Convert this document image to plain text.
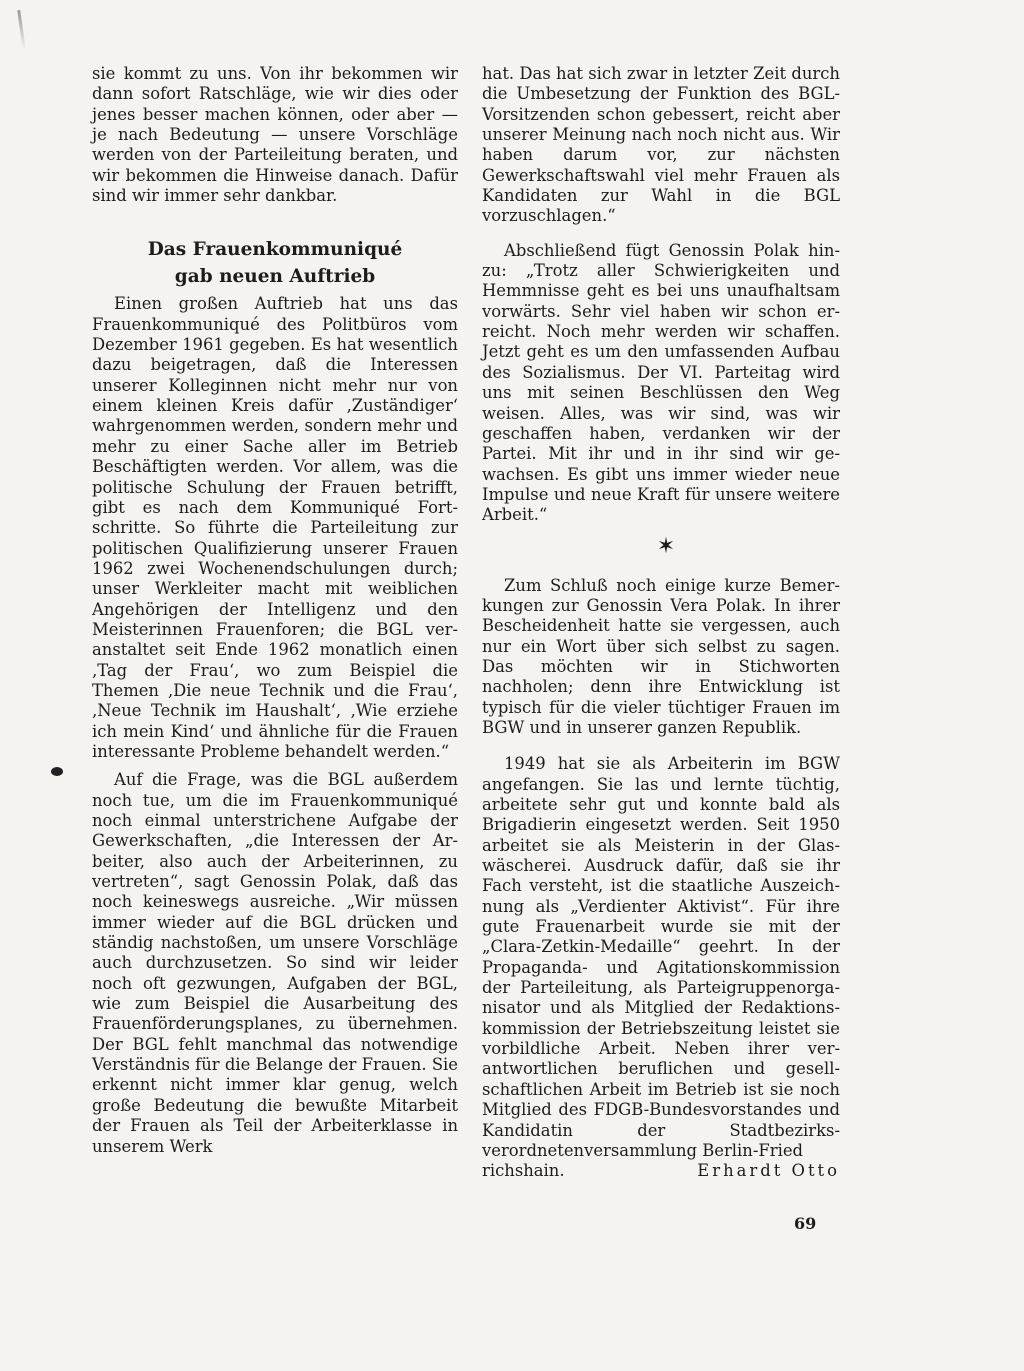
sie kommt zu uns. Von ihr bekommen wir dann sofort Ratschläge, wie wir dies oder jenes besser machen können, oder aber — je nach Bedeutung — unsere Vorschläge werden von der Parteileitung beraten, und wir bekommen die Hinweise danach. Dafür sind wir immer sehr dankbar.

Das Frauenkommuniqué
gab neuen Auftrieb

Einen großen Auftrieb hat uns das Frauenkommuniqué des Politbüros vom Dezember 1961 gegeben. Es hat wesentlich dazu beigetragen, daß die Interessen unserer Kolleginnen nicht mehr nur von einem kleinen Kreis dafür ‚Zuständiger‘ wahrgenommen werden, sondern mehr und mehr zu einer Sache aller im Betrieb Beschäftigten werden. Vor allem, was die politische Schulung der Frauen betrifft, gibt es nach dem Kommuniqué Fortschritte. So führte die Parteileitung zur politischen Qualifizierung unserer Frauen 1962 zwei Wochenendschulungen durch; unser Werkleiter macht mit weiblichen Angehörigen der Intelligenz und den Meisterinnen Frauenforen; die BGL veranstaltet seit Ende 1962 monatlich einen ‚Tag der Frau‘, wo zum Beispiel die Themen ‚Die neue Technik und die Frau‘, ‚Neue Technik im Haushalt‘, ‚Wie erziehe ich mein Kind‘ und ähnliche für die Frauen interessante Probleme behandelt werden.“

Auf die Frage, was die BGL außerdem noch tue, um die im Frauenkommuniqué noch einmal unterstrichene Aufgabe der Gewerkschaften, „die Interessen der Arbeiter, also auch der Arbeiterinnen, zu vertreten“, sagt Genossin Polak, daß das noch keineswegs ausreiche. „Wir müssen immer wieder auf die BGL drücken und ständig nachstoßen, um unsere Vorschläge auch durchzusetzen. So sind wir leider noch oft gezwungen, Aufgaben der BGL, wie zum Beispiel die Ausarbeitung des Frauenförderungsplanes, zu übernehmen. Der BGL fehlt manchmal das notwendige Verständnis für die Belange der Frauen. Sie erkennt nicht immer klar genug, welch große Bedeutung die bewußte Mitarbeit der Frauen als Teil der Arbeiterklasse in unserem Werk

hat. Das hat sich zwar in letzter Zeit durch die Umbesetzung der Funktion des BGL-Vorsitzenden schon gebessert, reicht aber unserer Meinung nach noch nicht aus. Wir haben darum vor, zur nächsten Gewerkschaftswahl viel mehr Frauen als Kandidaten zur Wahl in die BGL vorzuschlagen.“

Abschließend fügt Genossin Polak hinzu: „Trotz aller Schwierigkeiten und Hemmnisse geht es bei uns unaufhaltsam vorwärts. Sehr viel haben wir schon erreicht. Noch mehr werden wir schaffen. Jetzt geht es um den umfassenden Aufbau des Sozialismus. Der VI. Parteitag wird uns mit seinen Beschlüssen den Weg weisen. Alles, was wir sind, was wir geschaffen haben, verdanken wir der Partei. Mit ihr und in ihr sind wir gewachsen. Es gibt uns immer wieder neue Impulse und neue Kraft für unsere weitere Arbeit.“

✶

Zum Schluß noch einige kurze Bemerkungen zur Genossin Vera Polak. In ihrer Bescheidenheit hatte sie vergessen, auch nur ein Wort über sich selbst zu sagen. Das möchten wir in Stichworten nachholen; denn ihre Entwicklung ist typisch für die vieler tüchtiger Frauen im BGW und in unserer ganzen Republik.

1949 hat sie als Arbeiterin im BGW angefangen. Sie las und lernte tüchtig, arbeitete sehr gut und konnte bald als Brigadierin eingesetzt werden. Seit 1950 arbeitet sie als Meisterin in der Glaswäscherei. Ausdruck dafür, daß sie ihr Fach versteht, ist die staatliche Auszeichnung als „Verdienter Aktivist“. Für ihre gute Frauenarbeit wurde sie mit der „Clara-Zetkin-Medaille“ geehrt. In der Propaganda- und Agitationskommission der Parteileitung, als Parteigruppenorganisator und als Mitglied der Redaktionskommission der Betriebszeitung leistet sie vorbildliche Arbeit. Neben ihrer verantwortlichen beruflichen und gesellschaftlichen Arbeit im Betrieb ist sie noch Mitglied des FDGB-Bundesvorstandes und Kandidatin der Stadtbezirksverordnetenversammlung Berlin-Fried

richshain.	Erhardt Otto

69
